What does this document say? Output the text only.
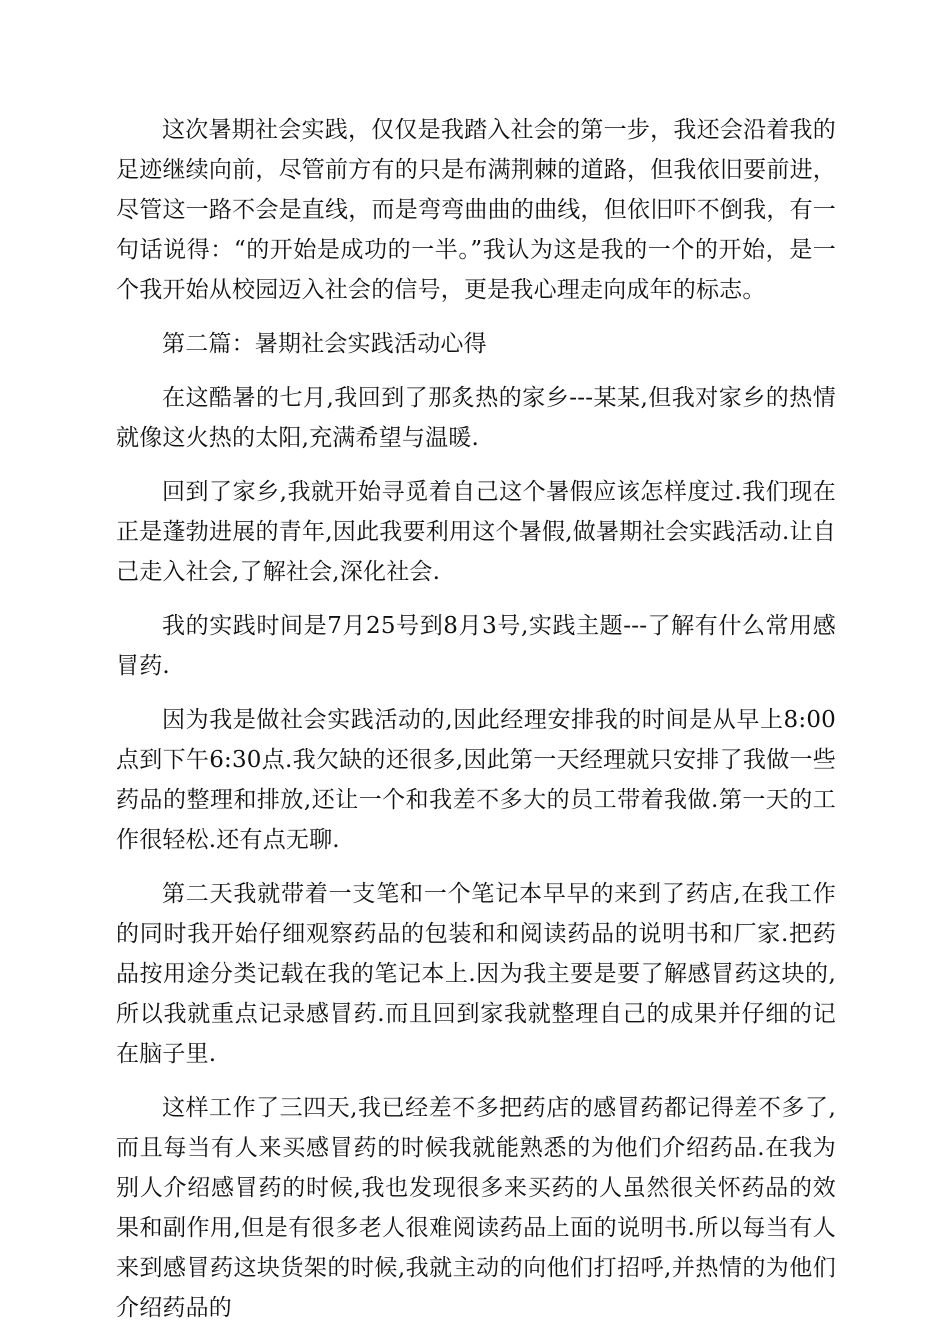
这次暑期社会实践，仅仅是我踏入社会的第一步，我还会沿着我的足迹继续向前，尽管前方有的只是布满荆棘的道路，但我依旧要前进，尽管这一路不会是直线，而是弯弯曲曲的曲线，但依旧吓不倒我，有一句话说得：“的开始是成功的一半。”我认为这是我的一个的开始，是一个我开始从校园迈入社会的信号，更是我心理走向成年的标志。

第二篇：暑期社会实践活动心得

在这酷暑的七月,我回到了那炙热的家乡---某某,但我对家乡的热情就像这火热的太阳,充满希望与温暖.

回到了家乡,我就开始寻觅着自己这个暑假应该怎样度过.我们现在正是蓬勃进展的青年,因此我要利用这个暑假,做暑期社会实践活动.让自己走入社会,了解社会,深化社会.

我的实践时间是7月25号到8月3号,实践主题---了解有什么常用感冒药.

因为我是做社会实践活动的,因此经理安排我的时间是从早上8:00点到下午6:30点.我欠缺的还很多,因此第一天经理就只安排了我做一些药品的整理和排放,还让一个和我差不多大的员工带着我做.第一天的工作很轻松.还有点无聊.

第二天我就带着一支笔和一个笔记本早早的来到了药店,在我工作的同时我开始仔细观察药品的包装和和阅读药品的说明书和厂家.把药品按用途分类记载在我的笔记本上.因为我主要是要了解感冒药这块的,所以我就重点记录感冒药.而且回到家我就整理自己的成果并仔细的记在脑子里.

这样工作了三四天,我已经差不多把药店的感冒药都记得差不多了,而且每当有人来买感冒药的时候我就能熟悉的为他们介绍药品.在我为别人介绍感冒药的时候,我也发现很多来买药的人虽然很关怀药品的效果和副作用,但是有很多老人很难阅读药品上面的说明书.所以每当有人来到感冒药这块货架的时候,我就主动的向他们打招呼,并热情的为他们介绍药品的
